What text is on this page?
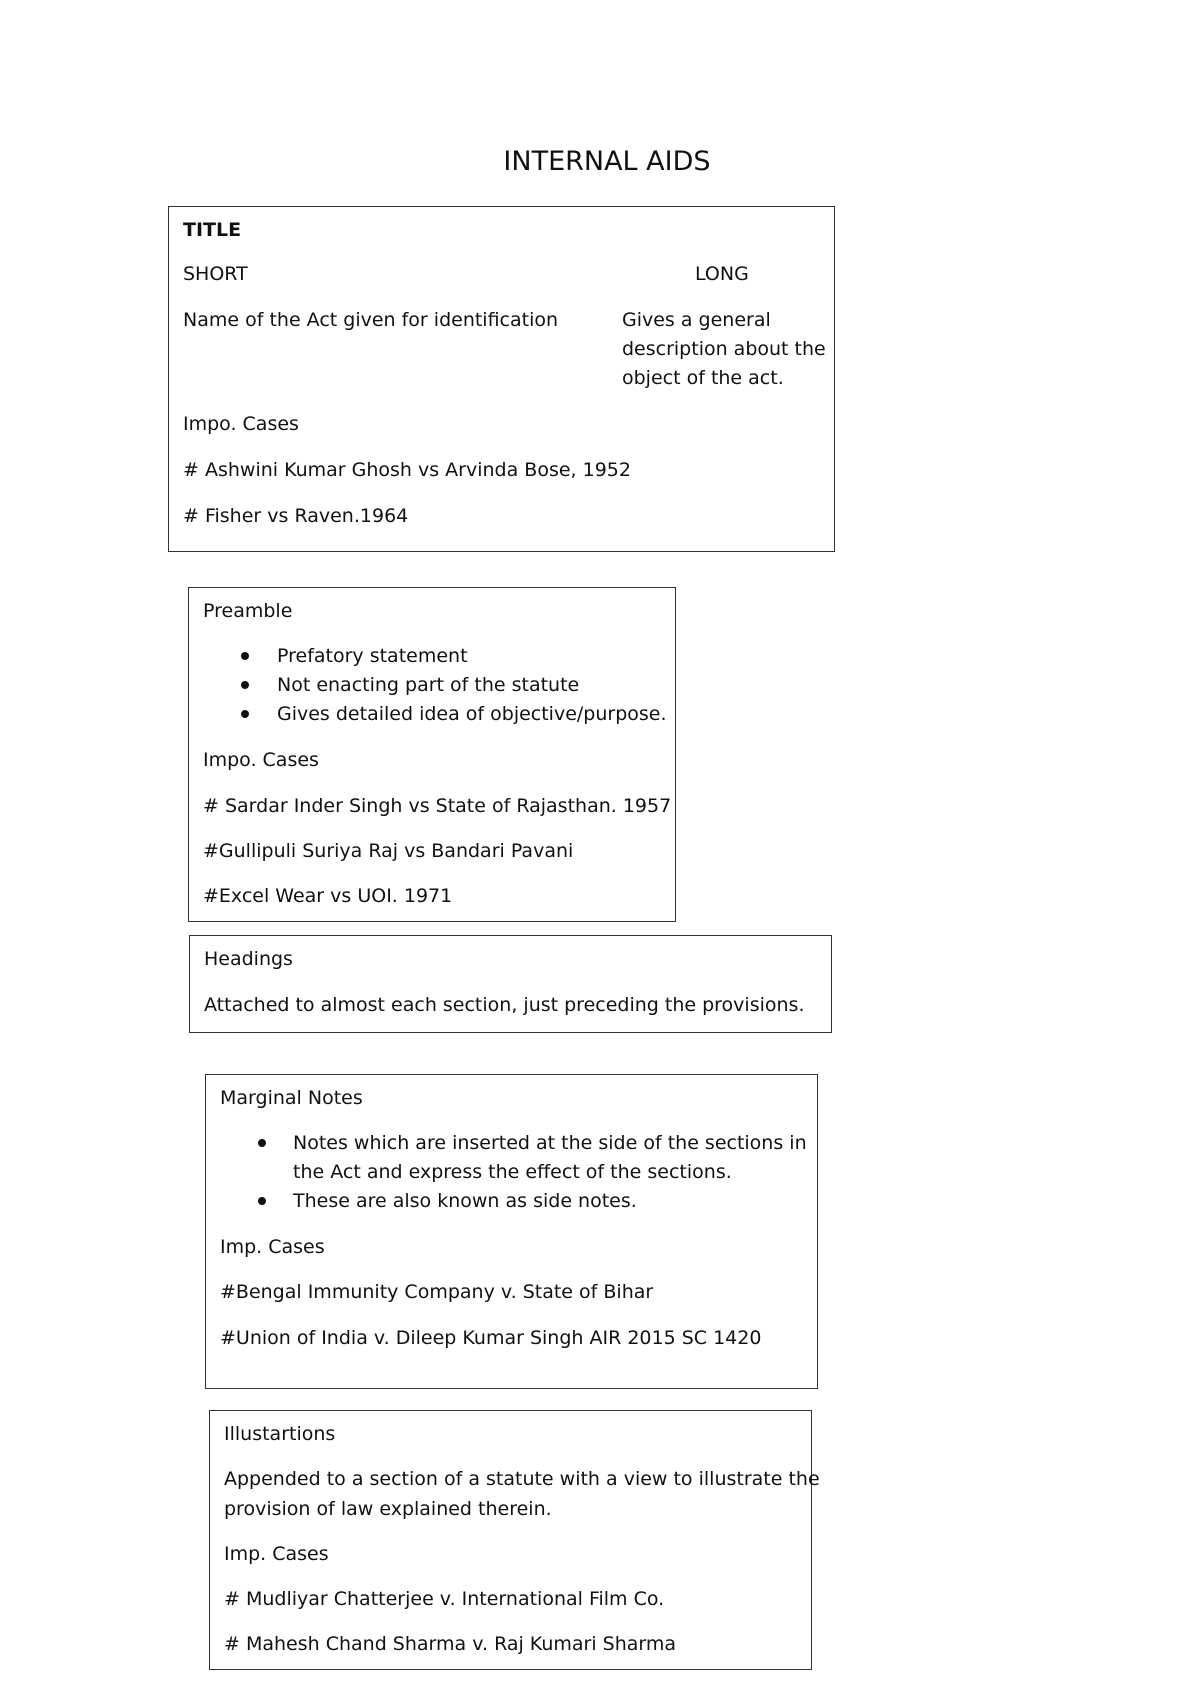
INTERNAL AIDS
TITLE
SHORT	LONG
Name of the Act given for identification	Gives a general
description about the
object of the act.
Impo. Cases
# Ashwini Kumar Ghosh vs Arvinda Bose, 1952
# Fisher vs Raven.1964
Preamble
Prefatory statement
Not enacting part of the statute
Gives detailed idea of objective/purpose.
Impo. Cases
# Sardar Inder Singh vs State of Rajasthan. 1957
#Gullipuli Suriya Raj vs Bandari Pavani
#Excel Wear vs UOI. 1971
Headings
Attached to almost each section, just preceding the provisions.
Marginal Notes
Notes which are inserted at the side of the sections in
the Act and express the effect of the sections.
These are also known as side notes.
Imp. Cases
#Bengal Immunity Company v. State of Bihar
#Union of India v. Dileep Kumar Singh AIR 2015 SC 1420
Illustartions
Appended to a section of a statute with a view to illustrate the
provision of law explained therein.
Imp. Cases
# Mudliyar Chatterjee v. International Film Co.
# Mahesh Chand Sharma v. Raj Kumari Sharma
